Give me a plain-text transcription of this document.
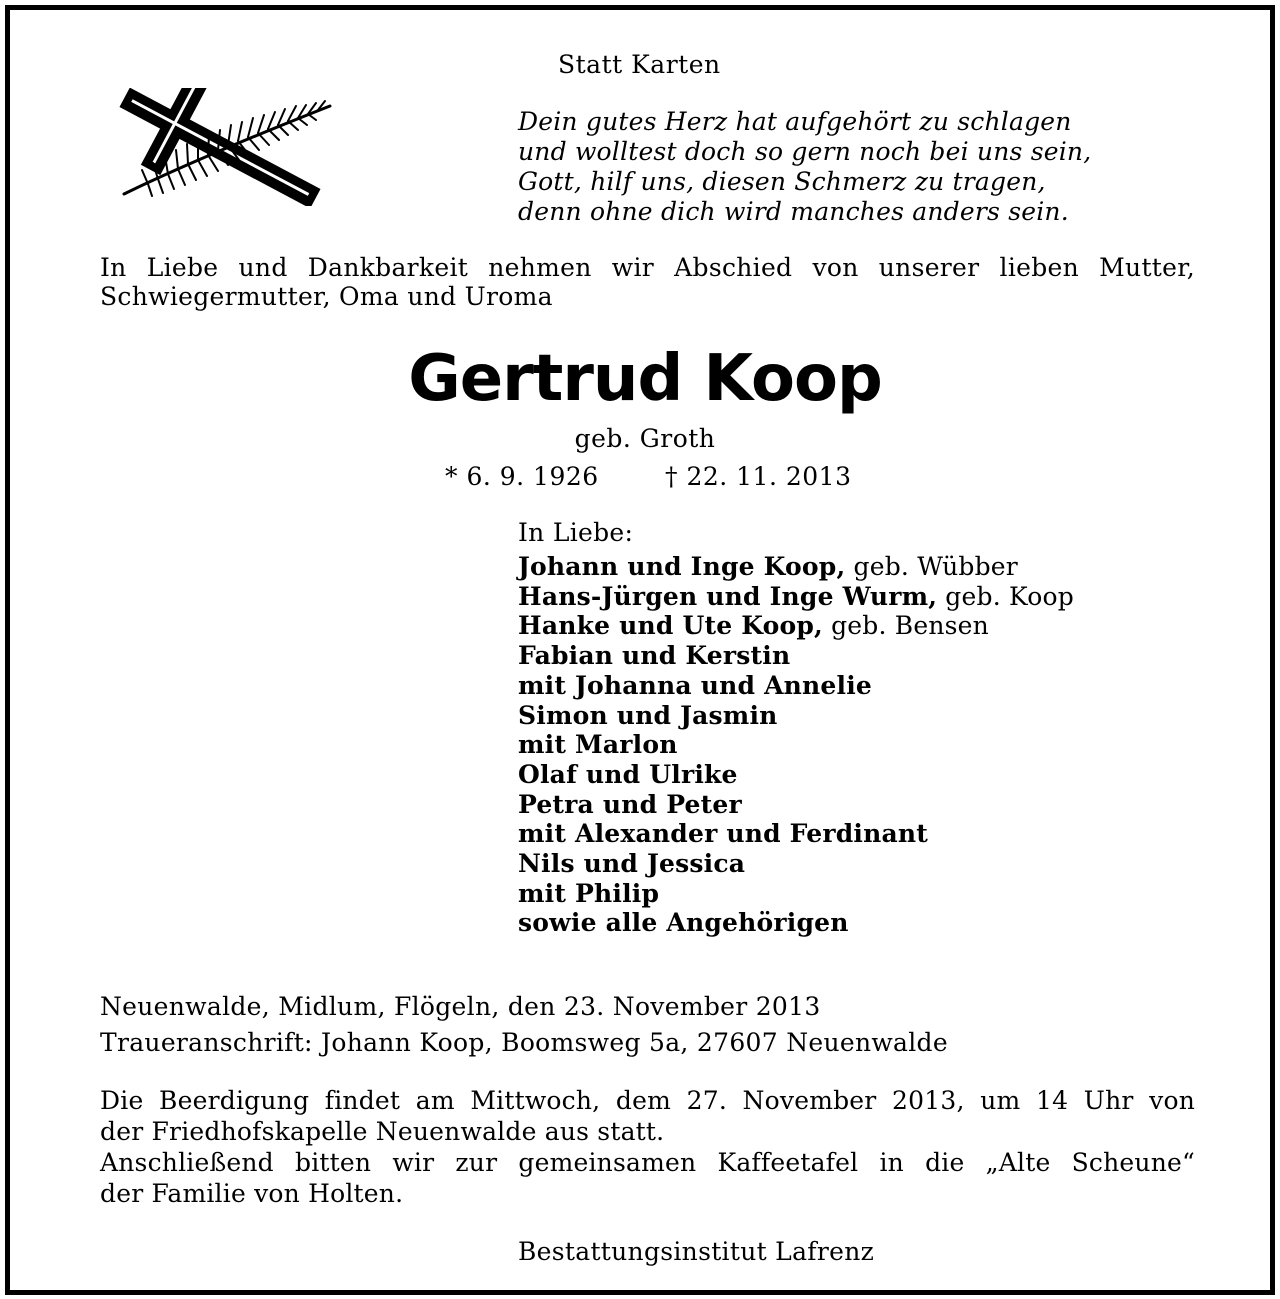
Statt Karten
Dein gutes Herz hat aufgehört zu schlagen
und wolltest doch so gern noch bei uns sein,
Gott, hilf uns, diesen Schmerz zu tragen,
denn ohne dich wird manches anders sein.
In Liebe und Dankbarkeit nehmen wir Abschied von unserer lieben Mutter, Schwiegermutter, Oma und Uroma
Gertrud Koop
geb. Groth
* 6. 9. 1926	† 22. 11. 2013
In Liebe:
Johann und Inge Koop, geb. Wübber
Hans-Jürgen und Inge Wurm, geb. Koop
Hanke und Ute Koop, geb. Bensen
Fabian und Kerstin
mit Johanna und Annelie
Simon und Jasmin
mit Marlon
Olaf und Ulrike
Petra und Peter
mit Alexander und Ferdinant
Nils und Jessica
mit Philip
sowie alle Angehörigen
Neuenwalde, Midlum, Flögeln, den 23. November 2013
Traueranschrift: Johann Koop, Boomsweg 5a, 27607 Neuenwalde
Die Beerdigung findet am Mittwoch, dem 27. November 2013, um 14 Uhr von
der Friedhofskapelle Neuenwalde aus statt.
Anschließend bitten wir zur gemeinsamen Kaffeetafel in die „Alte Scheune“
der Familie von Holten.
Bestattungsinstitut Lafrenz
